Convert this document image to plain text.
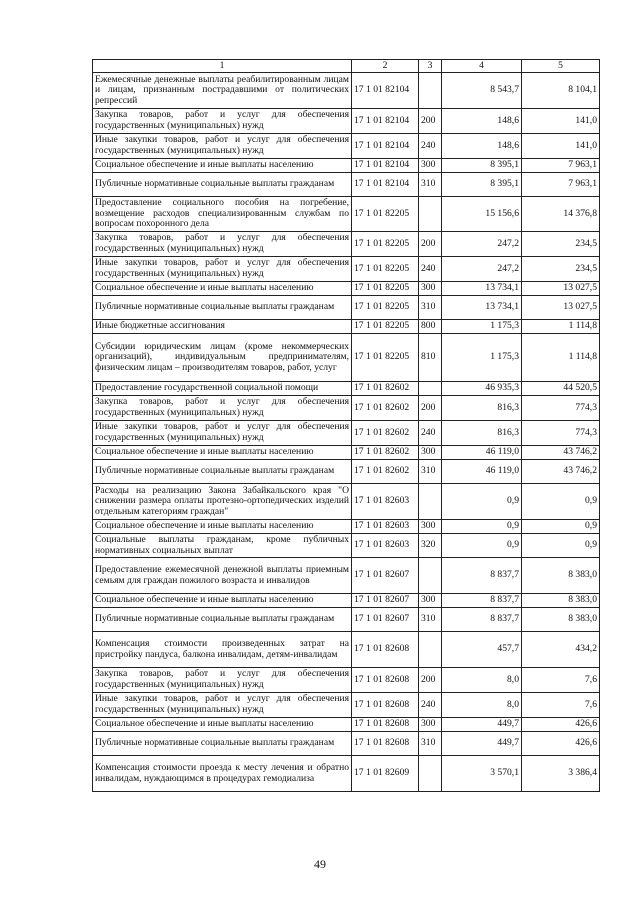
1	2	3	4	5
Ежемесячные денежные выплаты реабилитированным лицам и лицам, признанным пострадавшими от политических репрессий	17 1 01 82104		8 543,7	8 104,1
Закупка товаров, работ и услуг для обеспечения государственных (муниципальных) нужд	17 1 01 82104	200	148,6	141,0
Иные закупки товаров, работ и услуг для обеспечения государственных (муниципальных) нужд	17 1 01 82104	240	148,6	141,0
Социальное обеспечение и иные выплаты населению	17 1 01 82104	300	8 395,1	7 963,1
Публичные нормативные социальные выплаты гражданам	17 1 01 82104	310	8 395,1	7 963,1
Предоставление социального пособия на погребение, возмещение расходов специализированным службам по вопросам похоронного дела	17 1 01 82205		15 156,6	14 376,8
Закупка товаров, работ и услуг для обеспечения государственных (муниципальных) нужд	17 1 01 82205	200	247,2	234,5
Иные закупки товаров, работ и услуг для обеспечения государственных (муниципальных) нужд	17 1 01 82205	240	247,2	234,5
Социальное обеспечение и иные выплаты населению	17 1 01 82205	300	13 734,1	13 027,5
Публичные нормативные социальные выплаты гражданам	17 1 01 82205	310	13 734,1	13 027,5
Иные бюджетные ассигнования	17 1 01 82205	800	1 175,3	1 114,8
Субсидии юридическим лицам (кроме некоммерческих организаций), индивидуальным предпринимателям, физическим лицам – производителям товаров, работ, услуг	17 1 01 82205	810	1 175,3	1 114,8
Предоставление государственной социальной помощи	17 1 01 82602		46 935,3	44 520,5
Закупка товаров, работ и услуг для обеспечения государственных (муниципальных) нужд	17 1 01 82602	200	816,3	774,3
Иные закупки товаров, работ и услуг для обеспечения государственных (муниципальных) нужд	17 1 01 82602	240	816,3	774,3
Социальное обеспечение и иные выплаты населению	17 1 01 82602	300	46 119,0	43 746,2
Публичные нормативные социальные выплаты гражданам	17 1 01 82602	310	46 119,0	43 746,2
Расходы на реализацию Закона Забайкальского края "О снижении размера оплаты протезно-ортопедических изделий отдельным категориям граждан"	17 1 01 82603		0,9	0,9
Социальное обеспечение и иные выплаты населению	17 1 01 82603	300	0,9	0,9
Социальные выплаты гражданам, кроме публичных нормативных социальных выплат	17 1 01 82603	320	0,9	0,9
Предоставление ежемесячной денежной выплаты приемным семьям для граждан пожилого возраста и инвалидов	17 1 01 82607		8 837,7	8 383,0
Социальное обеспечение и иные выплаты населению	17 1 01 82607	300	8 837,7	8 383,0
Публичные нормативные социальные выплаты гражданам	17 1 01 82607	310	8 837,7	8 383,0
Компенсация стоимости произведенных затрат на пристройку пандуса, балкона инвалидам, детям-инвалидам	17 1 01 82608		457,7	434,2
Закупка товаров, работ и услуг для обеспечения государственных (муниципальных) нужд	17 1 01 82608	200	8,0	7,6
Иные закупки товаров, работ и услуг для обеспечения государственных (муниципальных) нужд	17 1 01 82608	240	8,0	7,6
Социальное обеспечение и иные выплаты населению	17 1 01 82608	300	449,7	426,6
Публичные нормативные социальные выплаты гражданам	17 1 01 82608	310	449,7	426,6
Компенсация стоимости проезда к месту лечения и обратно инвалидам, нуждающимся в процедурах гемодиализа	17 1 01 82609		3 570,1	3 386,4
49
